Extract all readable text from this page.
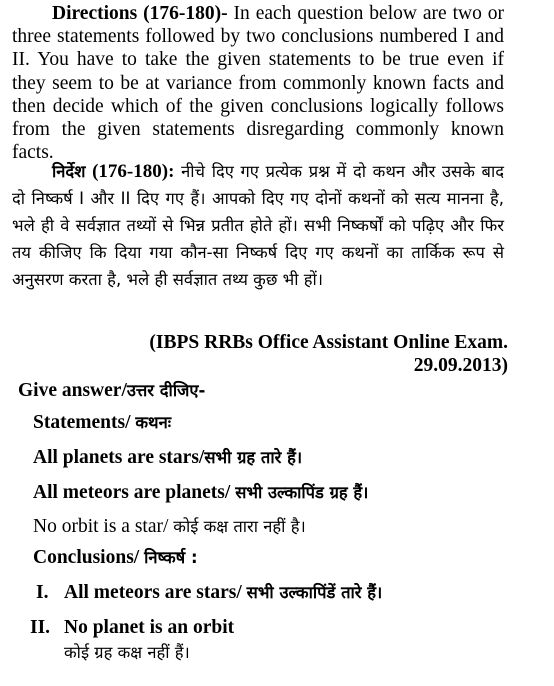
Directions (176-180)- In each question below are two or three statements followed by two conclusions numbered I and II. You have to take the given statements to be true even if they seem to be at variance from commonly known facts and then decide which of the given conclusions logically follows from the given statements disregarding commonly known facts.

निर्देश (176-180): नीचे दिए गए प्रत्येक प्रश्न में दो कथन और उसके बाद दो निष्कर्ष I और II दिए गए हैं। आपको दिए गए दोनों कथनों को सत्य मानना है, भले ही वे सर्वज्ञात तथ्यों से भिन्न प्रतीत होते हों। सभी निष्कर्षों को पढ़िए और फिर तय कीजिए कि दिया गया कौन-सा निष्कर्ष दिए गए कथनों का तार्किक रूप से अनुसरण करता है, भले ही सर्वज्ञात तथ्य कुछ भी हों।

(IBPS RRBs Office Assistant Online Exam.
29.09.2013)
Give answer/उत्तर दीजिए-
Statements/ कथनः
All planets are stars/सभी ग्रह तारे हैं।
All meteors are planets/ सभी उल्कापिंड ग्रह हैं।
No orbit is a star/ कोई कक्ष तारा नहीं है।
Conclusions/ निष्कर्ष :
I. All meteors are stars/ सभी उल्कापिंडें तारे हैं।
II. No planet is an orbit
कोई ग्रह कक्ष नहीं हैं।
